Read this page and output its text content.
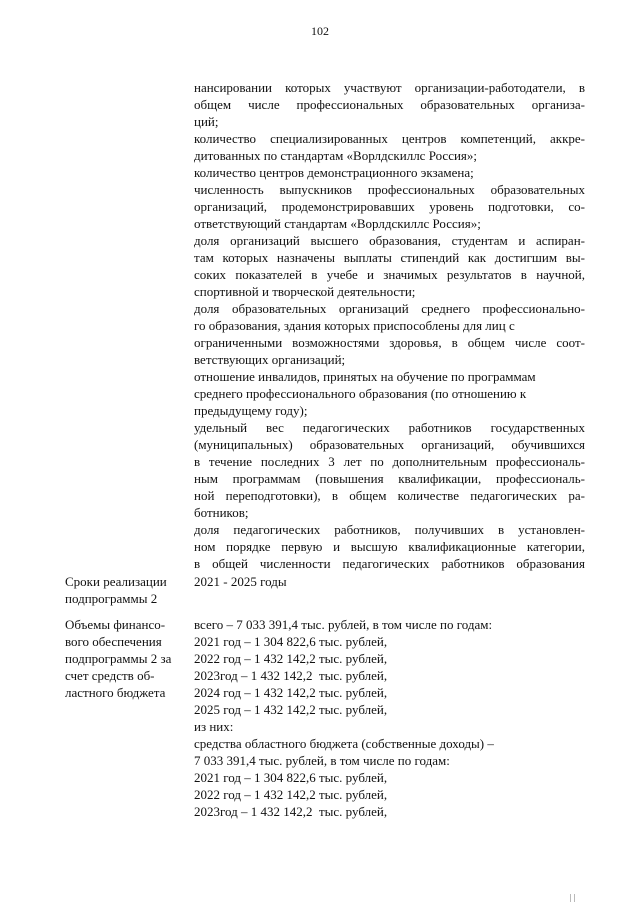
102
нансировании которых участвуют организации-работодатели, в
общем числе профессиональных образовательных организа-
ций;
количество специализированных центров компетенций, аккре-
дитованных по стандартам «Ворлдскиллс Россия»;
количество центров демонстрационного экзамена;
численность выпускников профессиональных образовательных
организаций, продемонстрировавших уровень подготовки, со-
ответствующий стандартам «Ворлдскиллс Россия»;
доля организаций высшего образования, студентам и аспиран-
там которых назначены выплаты стипендий как достигшим вы-
соких показателей в учебе и значимых результатов в научной,
спортивной и творческой деятельности;
доля образовательных организаций среднего профессионально-
го образования, здания которых приспособлены для лиц с
ограниченными возможностями здоровья, в общем числе соот-
ветствующих организаций;
отношение инвалидов, принятых на обучение по программам
среднего профессионального образования (по отношению к
предыдущему году);
удельный вес педагогических работников государственных
(муниципальных) образовательных организаций, обучившихся
в течение последних 3 лет по дополнительным профессиональ-
ным программам (повышения квалификации, профессиональ-
ной переподготовки), в общем количестве педагогических ра-
ботников;
доля педагогических работников, получивших в установлен-
ном порядке первую и высшую квалификационные категории,
в общей численности педагогических работников образования
Сроки реализации
подпрограммы 2
2021 - 2025 годы
Объемы финансо-
вого обеспечения
подпрограммы 2 за
счет средств об-
ластного бюджета
всего – 7 033 391,4 тыс. рублей, в том числе по годам:
2021 год – 1 304 822,6 тыс. рублей,
2022 год – 1 432 142,2 тыс. рублей,
2023год – 1 432 142,2  тыс. рублей,
2024 год – 1 432 142,2 тыс. рублей,
2025 год – 1 432 142,2 тыс. рублей,
из них:
средства областного бюджета (собственные доходы) –
7 033 391,4 тыс. рублей, в том числе по годам:
2021 год – 1 304 822,6 тыс. рублей,
2022 год – 1 432 142,2 тыс. рублей,
2023год – 1 432 142,2  тыс. рублей,
| |
